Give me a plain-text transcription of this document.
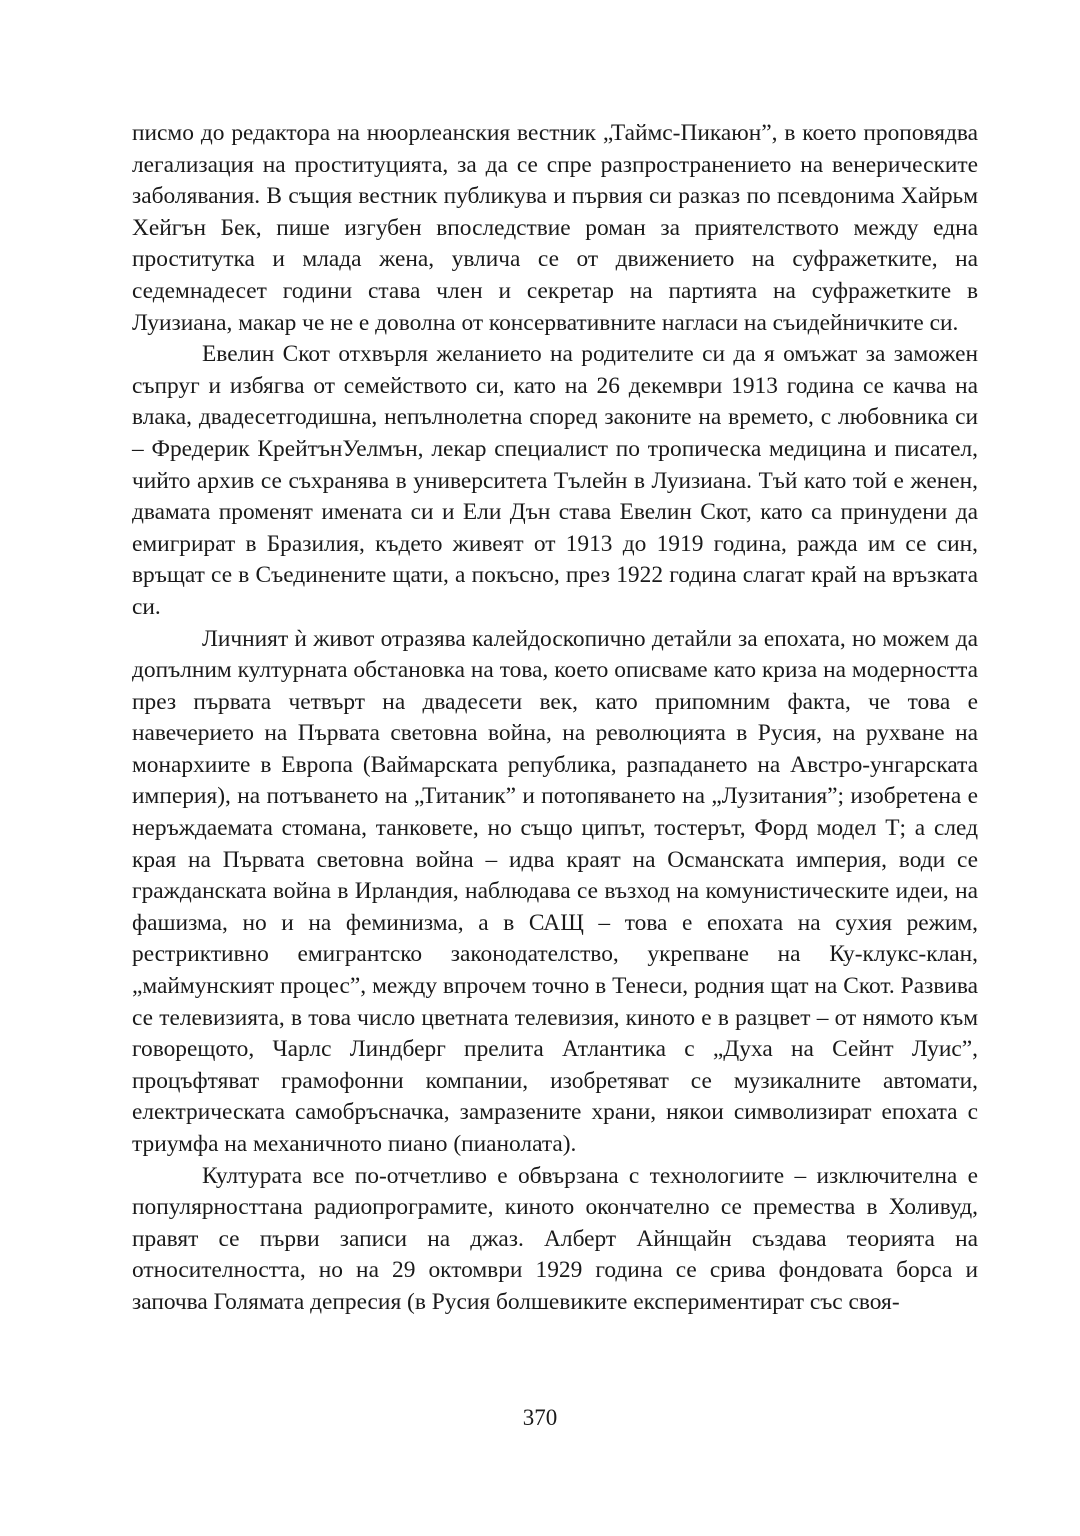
писмо до редактора на нюорлеанския вестник „Таймс-Пикаюн”, в което проповядва легализация на проституцията, за да се спре разпространението на венерическите заболявания. В същия вестник публикува и първия си разказ по псевдонима Хайрьм Хейгън Бек, пише изгубен впоследствие роман за приятелството между една проститутка и млада жена, увлича се от движението на суфражетките, на седемнадесет години става член и секретар на партията на суфражетките в Луизиана, макар че не е доволна от консервативните нагласи на съидейничките си.

Евелин Скот отхвърля желанието на родителите си да я омъжат за заможен съпруг и избягва от семейството си, като на 26 декември 1913 година се качва на влака, двадесетгодишна, непълнолетна според законите на времето, с любовника си – Фредерик КрейтънУелмън, лекар специалист по тропическа медицина и писател, чийто архив се съхранява в университета Тълейн в Луизиана. Тъй като той е женен, двамата променят имената си и Ели Дън става Евелин Скот, като са принудени да емигрират в Бразилия, където живеят от 1913 до 1919 година, ражда им се син, връщат се в Съединените щати, а покъсно, през 1922 година слагат край на връзката си.

Личният ѝ живот отразява калейдоскопично детайли за епохата, но можем да допълним културната обстановка на това, което описваме като криза на модерността през първата четвърт на двадесети век, като припомним факта, че това е навечерието на Първата световна война, на революцията в Русия, на рухване на монархиите в Европа (Ваймарската република, разпадането на Австро-унгарската империя), на потъването на „Титаник” и потопяването на „Лузитания”; изобретена е неръждаемата стомана, танковете, но също ципът, тостерът, Форд модел Т; а след края на Първата световна война – идва краят на Османската империя, води се гражданската война в Ирландия, наблюдава се възход на комунистическите идеи, на фашизма, но и на феминизма, а в САЩ – това е епохата на сухия режим, рестриктивно емигрантско законодателство, укрепване на Ку-клукс-клан, „маймунският процес”, между впрочем точно в Тенеси, родния щат на Скот. Развива се телевизията, в това число цветната телевизия, киното е в разцвет – от нямото към говорещото, Чарлс Линдберг прелита Атлантика с „Духа на Сейнт Луис”, процъфтяват грамофонни компании, изобретяват се музикалните автомати, електрическата самобръсначка, замразените храни, някои символизират епохата с триумфа на механичното пиано (пианолата).

Културата все по-отчетливо е обвързана с технологиите – изключителна е популярносттана радиопрограмите, киното окончателно се премества в Холивуд, правят се първи записи на джаз. Алберт Айнщайн създава теорията на относителността, но на 29 октомври 1929 година се срива фондовата борса и започва Голямата депресия (в Русия болшевиките експериментират със своя-

370
